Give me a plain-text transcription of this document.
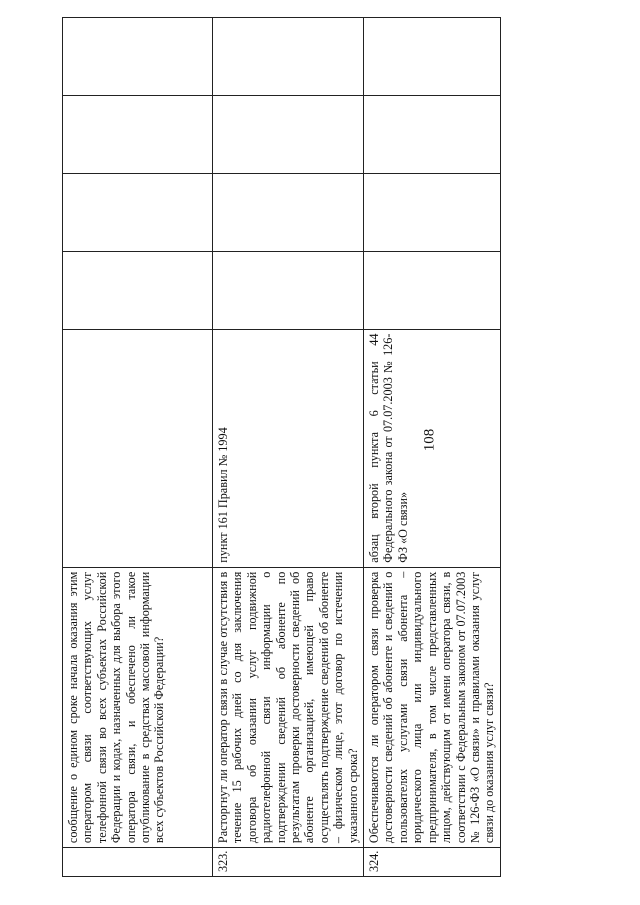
108
	сообщение о едином сроке начала оказания этим оператором связи соответствующих услуг телефонной связи во всех субъектах Российской Федерации и кодах, назначенных для выбора этого оператора связи, и обеспечено ли такое опубликование в средствах массовой информации всех субъектов Российской Федерации?					
323.	Расторгнут ли оператор связи в случае отсутствия в течение 15 рабочих дней со дня заключения договора об оказании услуг подвижной радиотелефонной связи информации о подтверждении сведений об абоненте по результатам проверки достоверности сведений об абоненте организацией, имеющей право осуществлять подтверждение сведений об абоненте – физическом лице, этот договор по истечении указанного срока?	пункт 161 Правил № 1994				
324.	Обеспечиваются ли оператором связи проверка достоверности сведений об абоненте и сведений о пользователях услугами связи абонента – юридического лица или индивидуального предпринимателя, в том числе представленных лицом, действующим от имени оператора связи, в соответствии с Федеральным законом от 07.07.2003 № 126-ФЗ «О связи» и правилами оказания услуг связи до оказания услуг связи?	абзац второй пункта 6 статьи 44 Федерального закона от 07.07.2003 № 126-ФЗ «О связи»				
